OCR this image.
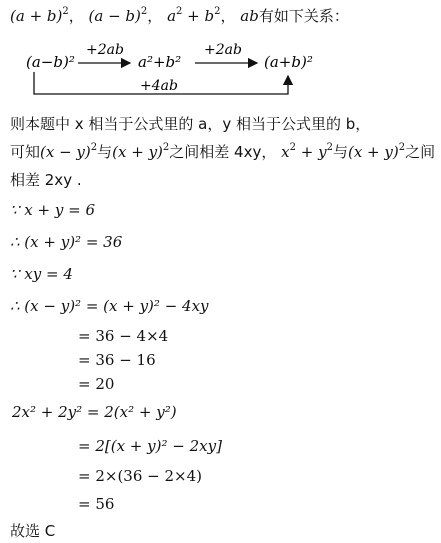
$(a + b)^2$， $(a - b)^2$， $a^2 + b^2$， ab有如下关系：
(a−b)²
+2ab
a²+b²
+2ab
(a+b)²
+4ab
则本题中 x 相当于公式里的 a，y 相当于公式里的 b，
可知$(x - y)^2$与$(x + y)^2$之间相差 4xy， $x^2 + y^2$与$(x + y)^2$之间
相差 2xy .
∵ x + y = 6
∴ (x + y)² = 36
∵ xy = 4
∴ (x − y)² = (x + y)² − 4xy
= 36 − 4×4
= 36 − 16
= 20
2x² + 2y² = 2(x² + y²)
= 2[(x + y)² − 2xy]
= 2×(36 − 2×4)
= 56
故选 C
